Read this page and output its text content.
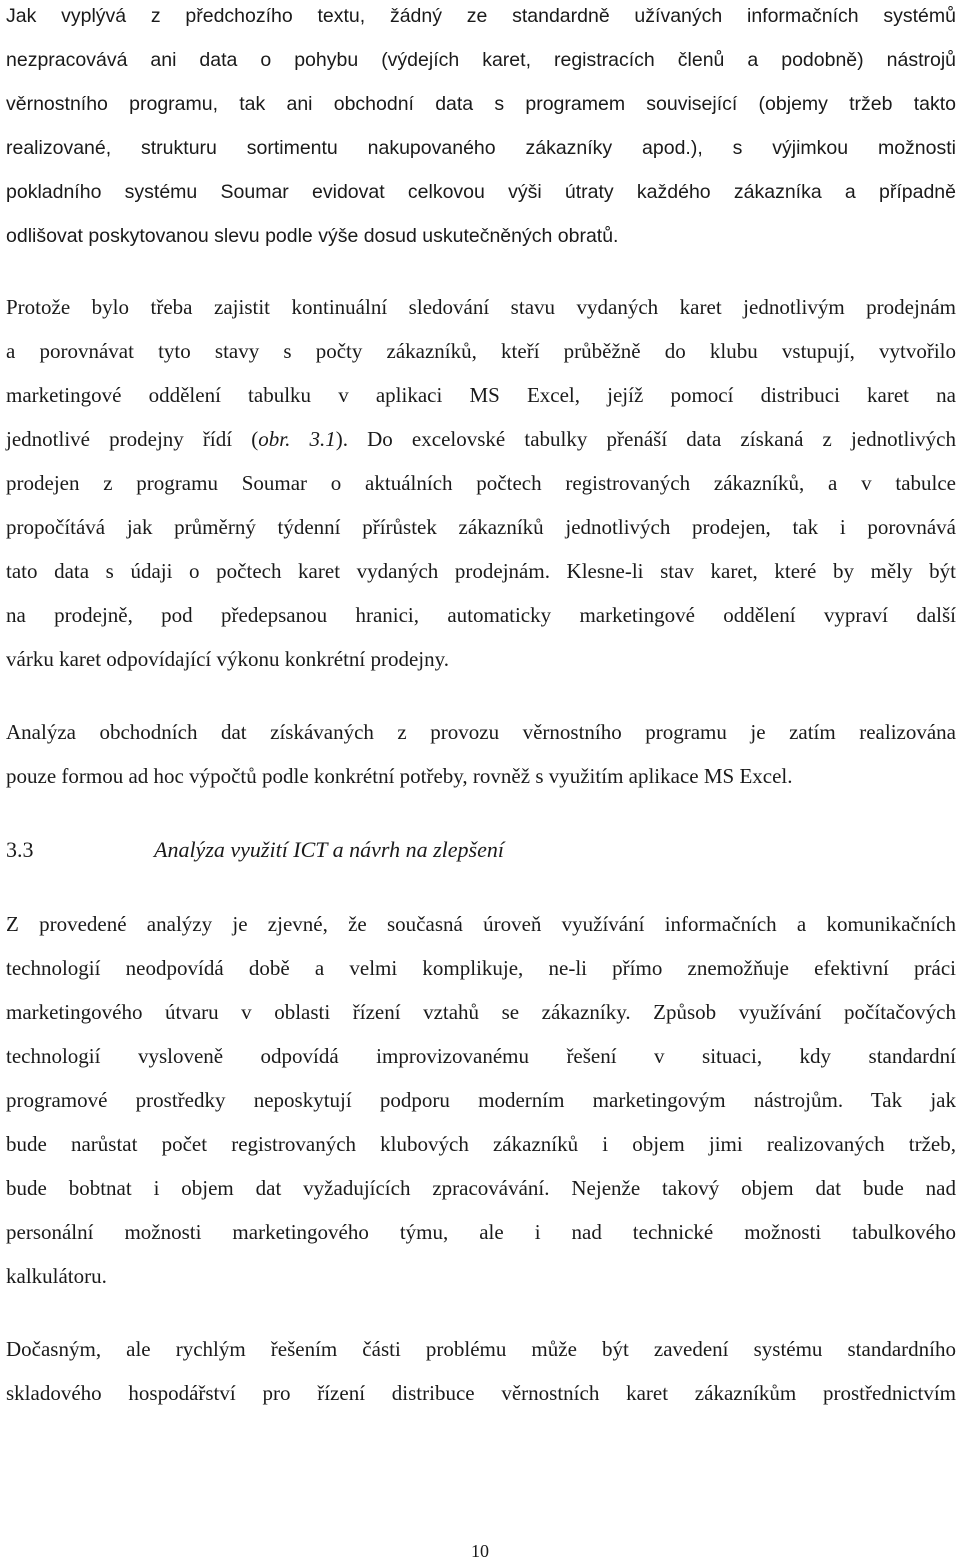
Jak vyplývá z předchozího textu, žádný ze standardně užívaných informačních systémů
nezpracovává ani data o pohybu (výdejích karet, registracích členů a podobně) nástrojů
věrnostního programu, tak ani obchodní data s programem související (objemy tržeb takto
realizované, strukturu sortimentu nakupovaného zákazníky apod.), s výjimkou možnosti
pokladního systému Soumar evidovat celkovou výši útraty každého zákazníka a případně
odlišovat poskytovanou slevu podle výše dosud uskutečněných obratů.
Protože bylo třeba zajistit kontinuální sledování stavu vydaných karet jednotlivým prodejnám
a porovnávat tyto stavy s počty zákazníků, kteří průběžně do klubu vstupují, vytvořilo
marketingové oddělení tabulku v aplikaci MS Excel, jejíž pomocí distribuci karet na
jednotlivé prodejny řídí (obr. 3.1). Do excelovské tabulky přenáší data získaná z jednotlivých
prodejen z programu Soumar o aktuálních počtech registrovaných zákazníků, a v tabulce
propočítává jak průměrný týdenní přírůstek zákazníků jednotlivých prodejen, tak i porovnává
tato data s údaji o počtech karet vydaných prodejnám. Klesne-li stav karet, které by měly být
na prodejně, pod předepsanou hranici, automaticky marketingové oddělení vypraví další
várku karet odpovídající výkonu konkrétní prodejny.
Analýza obchodních dat získávaných z provozu věrnostního programu je zatím realizována
pouze formou ad hoc výpočtů podle konkrétní potřeby, rovněž s využitím aplikace MS Excel.
3.3	Analýza využití ICT a návrh na zlepšení
Z provedené analýzy je zjevné, že současná úroveň využívání informačních a komunikačních
technologií neodpovídá době a velmi komplikuje, ne-li přímo znemožňuje efektivní práci
marketingového útvaru v oblasti řízení vztahů se zákazníky. Způsob využívání počítačových
technologií vysloveně odpovídá improvizovanému řešení v situaci, kdy standardní
programové prostředky neposkytují podporu moderním marketingovým nástrojům. Tak jak
bude narůstat počet registrovaných klubových zákazníků i objem jimi realizovaných tržeb,
bude bobtnat i objem dat vyžadujících zpracovávání. Nejenže takový objem dat bude nad
personální možnosti marketingového týmu, ale i nad technické možnosti tabulkového
kalkulátoru.
Dočasným, ale rychlým řešením části problému může být zavedení systému standardního
skladového hospodářství pro řízení distribuce věrnostních karet zákazníkům prostřednictvím
10
